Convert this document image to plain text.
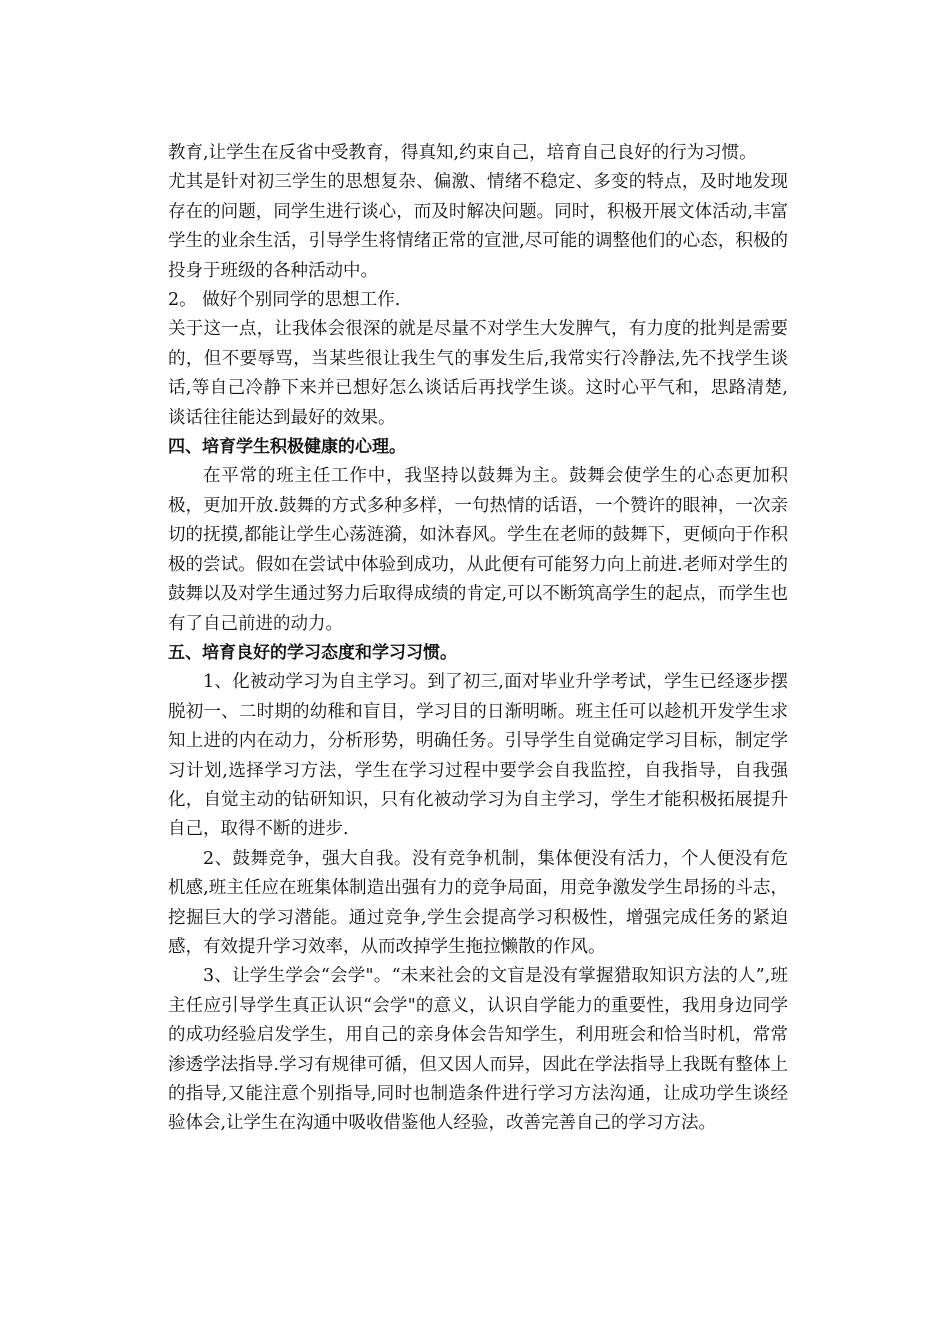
教育,让学生在反省中受教育，得真知,约束自己，培育自己良好的行为习惯。

尤其是针对初三学生的思想复杂、偏激、情绪不稳定、多变的特点，及时地发现存在的问题，同学生进行谈心，而及时解决问题。同时，积极开展文体活动,丰富学生的业余生活，引导学生将情绪正常的宣泄,尽可能的调整他们的心态，积极的投身于班级的各种活动中。

2。 做好个别同学的思想工作.

关于这一点，让我体会很深的就是尽量不对学生大发脾气，有力度的批判是需要的，但不要辱骂，当某些很让我生气的事发生后,我常实行冷静法,先不找学生谈话,等自己冷静下来并已想好怎么谈话后再找学生谈。这时心平气和，思路清楚,谈话往往能达到最好的效果。

四、培育学生积极健康的心理。

在平常的班主任工作中，我坚持以鼓舞为主。鼓舞会使学生的心态更加积极，更加开放.鼓舞的方式多种多样，一句热情的话语，一个赞许的眼神，一次亲切的抚摸,都能让学生心荡涟漪，如沐春风。学生在老师的鼓舞下，更倾向于作积极的尝试。假如在尝试中体验到成功，从此便有可能努力向上前进.老师对学生的鼓舞以及对学生通过努力后取得成绩的肯定,可以不断筑高学生的起点，而学生也有了自己前进的动力。

五、培育良好的学习态度和学习习惯。

1、化被动学习为自主学习。到了初三,面对毕业升学考试，学生已经逐步摆脱初一、二时期的幼稚和盲目，学习目的日渐明晰。班主任可以趁机开发学生求知上进的内在动力，分析形势，明确任务。引导学生自觉确定学习目标，制定学习计划,选择学习方法，学生在学习过程中要学会自我监控，自我指导，自我强化，自觉主动的钻研知识，只有化被动学习为自主学习，学生才能积极拓展提升自己，取得不断的进步.

2、鼓舞竞争，强大自我。没有竞争机制，集体便没有活力，个人便没有危机感,班主任应在班集体制造出强有力的竞争局面，用竞争激发学生昂扬的斗志，挖掘巨大的学习潜能。通过竞争,学生会提高学习积极性，增强完成任务的紧迫感，有效提升学习效率，从而改掉学生拖拉懒散的作风。

3、让学生学会“会学"。“未来社会的文盲是没有掌握猎取知识方法的人”,班主任应引导学生真正认识“会学"的意义，认识自学能力的重要性，我用身边同学的成功经验启发学生，用自己的亲身体会告知学生，利用班会和恰当时机，常常渗透学法指导.学习有规律可循，但又因人而异，因此在学法指导上我既有整体上的指导,又能注意个别指导,同时也制造条件进行学习方法沟通，让成功学生谈经验体会,让学生在沟通中吸收借鉴他人经验，改善完善自己的学习方法。
